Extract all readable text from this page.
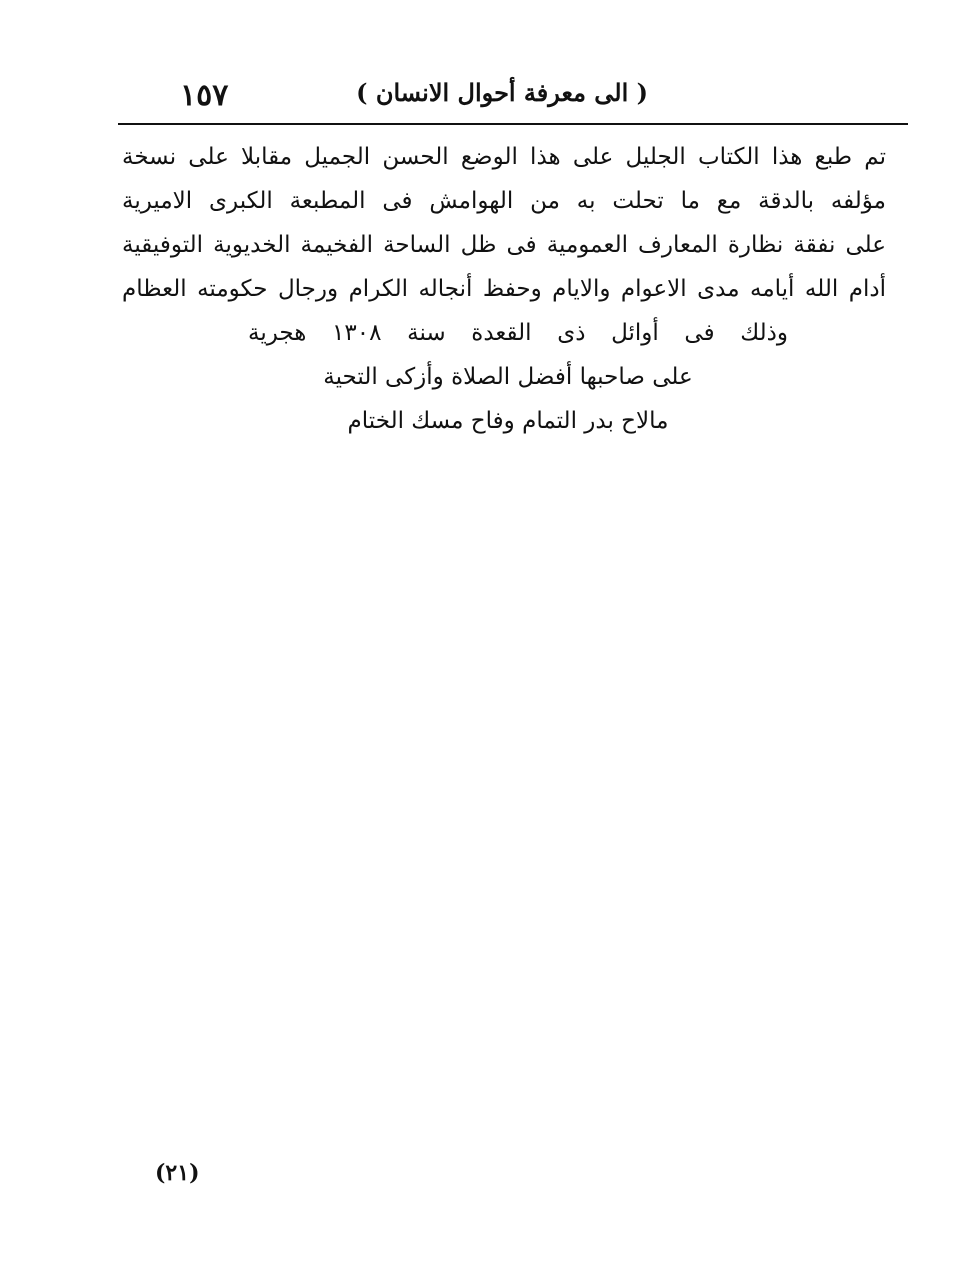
١٥٧	( الى معرفة أحوال الانسان )
تم طبع هذا الكتاب الجليل على هذا الوضع الحسن الجميل مقابلا على نسخة
مؤلفه بالدقة مع ما تحلت به من الهوامش فى المطبعة الكبرى الاميرية
على نفقة نظارة المعارف العمومية فى ظل الساحة الفخيمة الخديوية التوفيقية
أدام الله أيامه مدى الاعوام والايام وحفظ أنجاله الكرام ورجال حكومته العظام
وذلك فى أوائل ذى القعدة سنة ١٣٠٨ هجرية
على صاحبها أفضل الصلاة وأزكى التحية
مالاح بدر التمام وفاح مسك الختام
(٢١)
